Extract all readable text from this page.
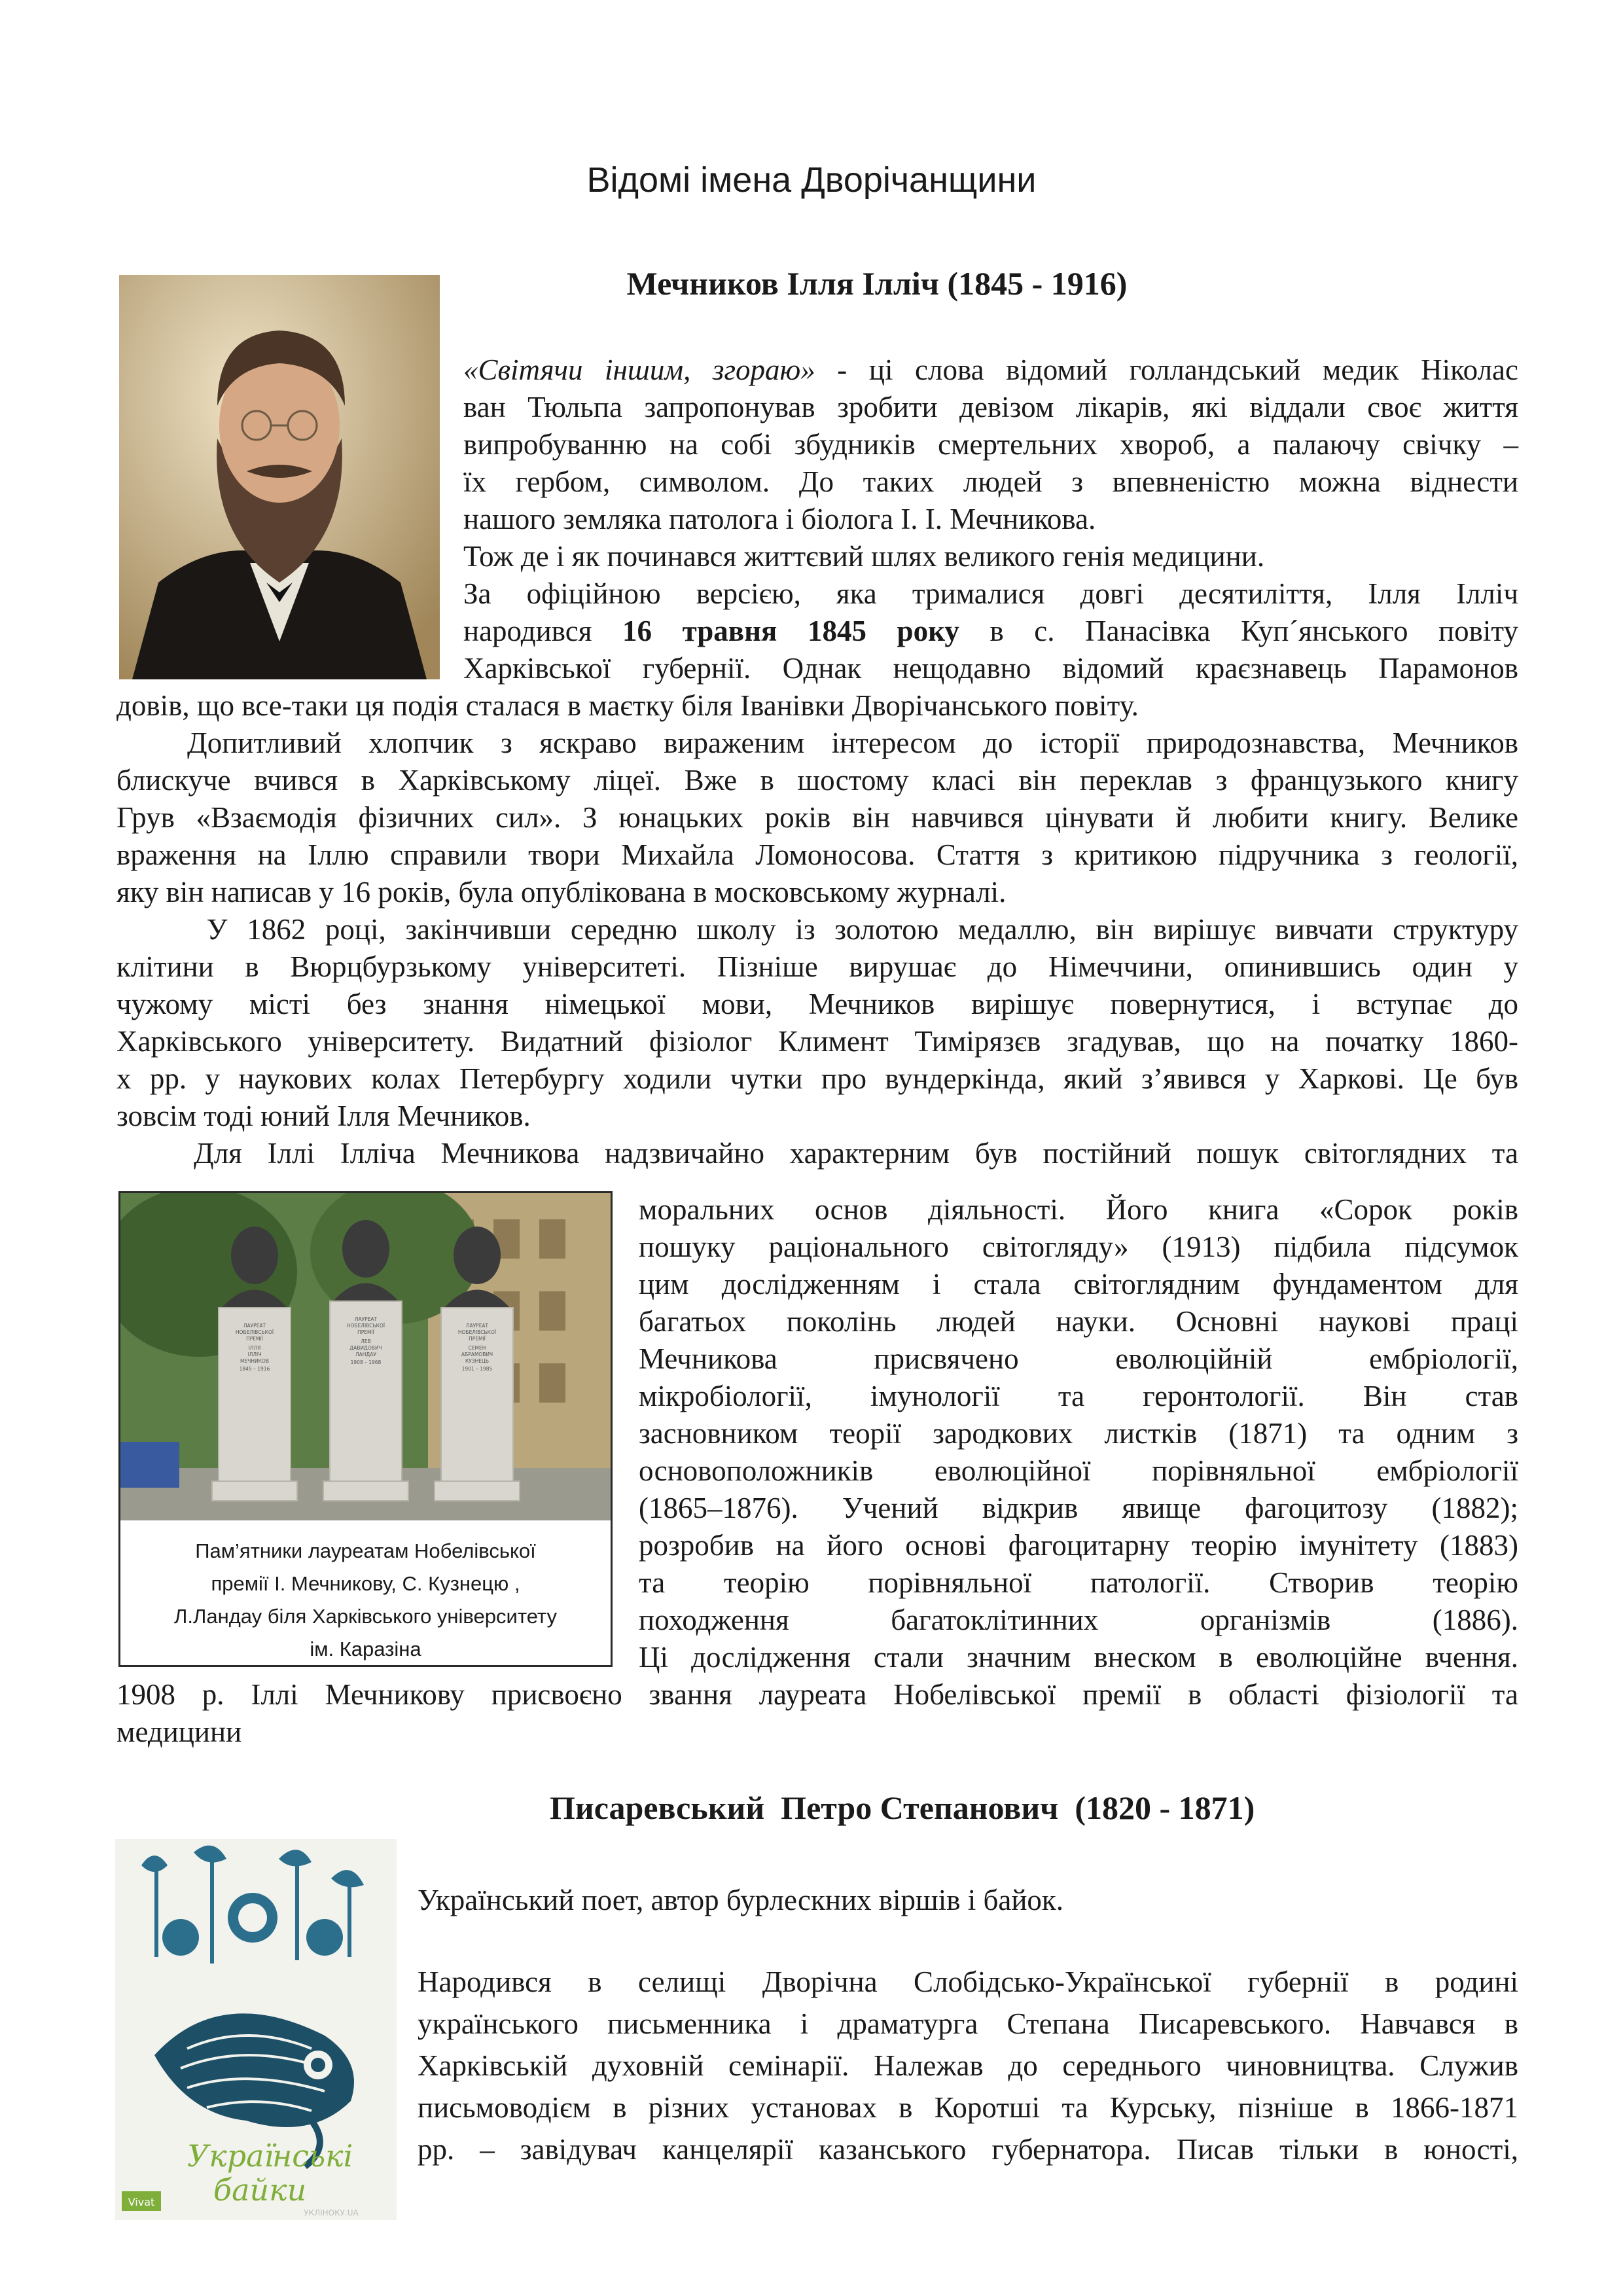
Відомі імена Дворічанщини
Мечников Ілля Ілліч (1845 - 1916)
«Світячи іншим, згораю» - ці слова відомий голландський медик Ніколас
ван Тюльпа запропонував зробити девізом лікарів, які віддали своє життя
випробуванню на собі збудників смертельних хвороб, а палаючу свічку –
їх гербом, символом. До таких людей з впевненістю можна віднести
нашого земляка патолога і біолога І. І. Мечникова.
Тож де і як починався життєвий шлях великого генія медицини.
За офіційною версією, яка трималися довгі десятиліття, Ілля Ілліч
народився 16 травня 1845 року в с. Панасівка Куп´янського повіту
Харківської губернії. Однак нещодавно відомий краєзнавець Парамонов
довів, що все-таки ця подія сталася в маєтку біля Іванівки Дворічанського повіту.
Допитливий хлопчик з яскраво вираженим інтересом до історії природознавства, Мечников
блискуче вчився в Харківському ліцеї. Вже в шостому класі він переклав з французького книгу
Грув «Взаємодія фізичних сил». З юнацьких років він навчився цінувати й любити книгу. Велике
враження на Іллю справили твори Михайла Ломоносова. Стаття з критикою підручника з геології,
яку він написав у 16 років, була опублікована в московському журналі.
У 1862 році, закінчивши середню школу із золотою медаллю, він вирішує вивчати структуру
клітини в Вюрцбурзькому університеті. Пізніше вирушає до Німеччини, опинившись один у
чужому місті без знання німецької мови, Мечников вирішує повернутися, і вступає до
Харківського університету. Видатний фізіолог Климент Тимірязєв згадував, що на початку 1860-
х рр. у наукових колах Петербургу ходили чутки про вундеркінда, який з’явився у Харкові. Це був
зовсім тоді юний Ілля Мечников.
Для Іллі Ілліча Мечникова надзвичайно характерним був постійний пошук світоглядних та
ЛАУРЕАТ
НОБЕЛІВСЬКОЇ
ПРЕМІЇ
ІЛЛЯ
ІЛЛІЧ
МЕЧНИКОВ
1845 – 1916
ЛАУРЕАТ
НОБЕЛІВСЬКОЇ
ПРЕМІЇ
ЛЕВ
ДАВИДОВИЧ
ЛАНДАУ
1908 – 1968
ЛАУРЕАТ
НОБЕЛІВСЬКОЇ
ПРЕМІЇ
СЕМЕН
АБРАМОВИЧ
КУЗНЕЦЬ
1901 – 1985
Пам’ятники лауреатам Нобелівської
премії І. Мечникову, С. Кузнецю ,
Л.Ландау біля Харківського університету
ім. Каразіна
моральних основ діяльності. Його книга «Сорок років
пошуку раціонального світогляду» (1913) підбила підсумок
цим дослідженням і стала світоглядним фундаментом для
багатьох поколінь людей науки. Основні наукові праці
Мечникова присвячено еволюційній ембріології,
мікробіології, імунології та геронтології. Він став
засновником теорії зародкових листків (1871) та одним з
основоположників еволюційної порівняльної ембріології
(1865–1876). Учений відкрив явище фагоцитозу (1882);
розробив на його основі фагоцитарну теорію імунітету (1883)
та теорію порівняльної патології. Створив теорію
походження багатоклітинних організмів (1886).
Ці дослідження стали значним внеском в еволюційне вчення.
1908 р. Іллі Мечникову присвоєно звання лауреата Нобелівської премії в області фізіології та
медицини
Писаревський  Петро Степанович  (1820 - 1871)
Украї
нські
байки
Vivat
УКЛІНОКУ.UA
Український поет, автор бурлескних віршів і байок.
Народився в селищі Дворічна Слобідсько-Української губернії в родині
українського письменника і драматурга Степана Писаревського. Навчався в
Харківській духовній семінарії. Належав до середнього чиновництва. Служив
письмоводієм в різних установах в Коротші та Курську, пізніше в 1866-1871
рр. – завідувач канцелярії казанського губернатора. Писав тільки в юності,
